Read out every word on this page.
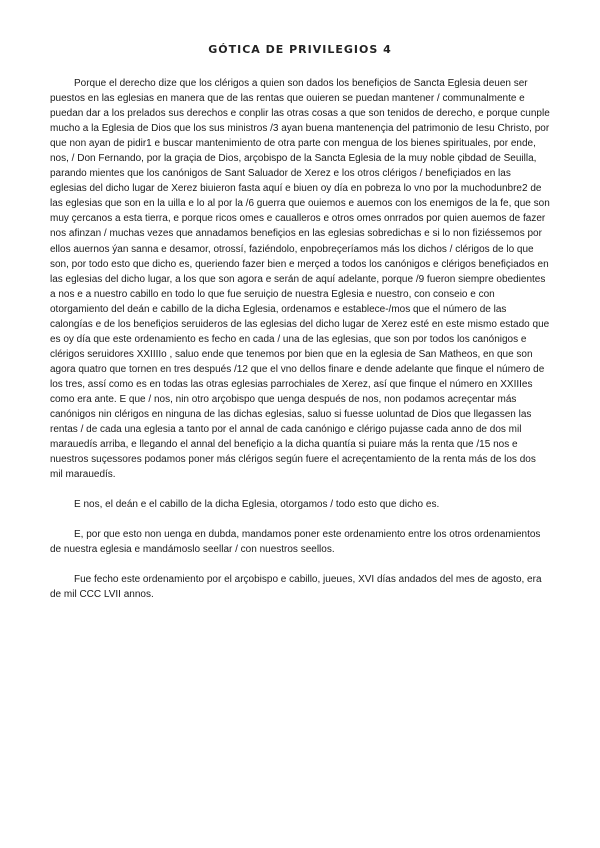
GÓTICA DE PRIVILEGIOS 4

Porque el derecho dize que los clérigos a quien son dados los benefiçios de Sancta Eglesia deuen ser puestos en las eglesias en manera que de las rentas que ouieren se puedan mantener / communalmente e puedan dar a los prelados sus derechos e conplir las otras cosas a que son tenidos de derecho, e porque cunple mucho a la Eglesia de Dios que los sus ministros /3 ayan buena mantenençia del patrimonio de Iesu Christo, por que non ayan de pidir1 e buscar mantenimiento de otra parte con mengua de los bienes spirituales, por ende, nos, / Don Fernando, por la graçia de Dios, arçobispo de la Sancta Eglesia de la muy noble çibdad de Seuilla, parando mientes que los canónigos de Sant Saluador de Xerez e los otros clérigos / benefiçiados en las eglesias del dicho lugar de Xerez biuieron fasta aquí e biuen oy día en pobreza lo vno por la muchodunbre2 de las eglesias que son en la uilla e lo al por la /6 guerra que ouiemos e auemos con los enemigos de la fe, que son muy çercanos a esta tierra, e porque ricos omes e caualleros e otros omes onrrados por quien auemos de fazer nos afinzan / muchas vezes que annadamos benefiçios en las eglesias sobredichas e si lo non fiziéssemos por ellos auernos ýan sanna e desamor, otrossí, faziéndolo, enpobreçeríamos más los dichos / clérigos de lo que son, por todo esto que dicho es, queriendo fazer bien e merçed a todos los canónigos e clérigos benefiçiados en las eglesias del dicho lugar, a los que son agora e serán de aquí adelante, porque /9 fueron siempre obedientes a nos e a nuestro cabillo en todo lo que fue seruiçio de nuestra Eglesia e nuestro, con conseio e con otorgamiento del deán e cabillo de la dicha Eglesia, ordenamos e establece-/mos que el número de las calongías e de los benefiçios seruideros de las eglesias del dicho lugar de Xerez esté en este mismo estado que es oy día que este ordenamiento es fecho en cada / una de las eglesias, que son por todos los canónigos e clérigos seruidores XXIIIIo , saluo ende que tenemos por bien que en la eglesia de San Matheos, en que son agora quatro que tornen en tres después /12 que el vno dellos finare e dende adelante que finque el número de los tres, assí como es en todas las otras eglesias parrochiales de Xerez, así que finque el número en XXIIIes como era ante. E que / nos, nin otro arçobispo que uenga después de nos, non podamos acreçentar más canónigos nin clérigos en ninguna de las dichas eglesias, saluo si fuesse uoluntad de Dios que llegassen las rentas / de cada una eglesia a tanto por el annal de cada canónigo e clérigo pujasse cada anno de dos mil marauedís arriba, e llegando el annal del benefiçio a la dicha quantía si puiare más la renta que /15 nos e nuestros suçessores podamos poner más clérigos según fuere el acreçentamiento de la renta más de los dos mil marauedís.

E nos, el deán e el cabillo de la dicha Eglesia, otorgamos / todo esto que dicho es.

E, por que esto non uenga en dubda, mandamos poner este ordenamiento entre los otros ordenamientos de nuestra eglesia e mandámoslo seellar / con nuestros seellos.

Fue fecho este ordenamiento por el arçobispo e cabillo, jueues, XVI días andados del mes de agosto, era de mil CCC LVII annos.
